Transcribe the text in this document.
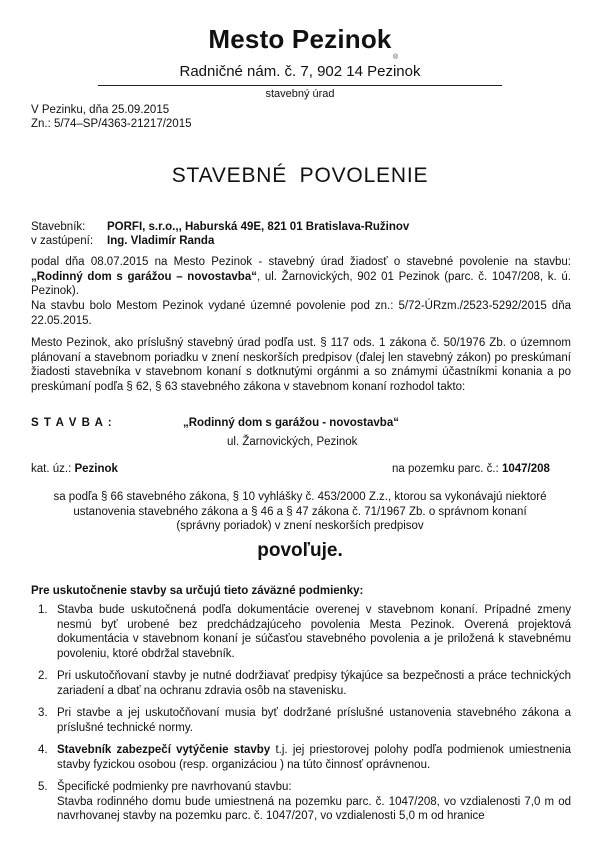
Mesto Pezinok
®
Radničné nám. č. 7, 902 14 Pezinok
stavebný úrad
V Pezinku, dňa 25.09.2015
Zn.: 5/74–SP/4363-21217/2015
STAVEBNÉ POVOLENIE
Stavebník: PORFI, s.r.o.,, Haburská 49E, 821 01 Bratislava-Ružinov
v zastúpení: Ing. Vladimír Randa
podal dňa 08.07.2015 na Mesto Pezinok - stavebný úrad žiadosť o stavebné povolenie na stavbu: „Rodinný dom s garážou – novostavba“, ul. Žarnovických, 902 01 Pezinok (parc. č. 1047/208, k. ú. Pezinok).
Na stavbu bolo Mestom Pezinok vydané územné povolenie pod zn.: 5/72-ÚRzm./2523-5292/2015 dňa 22.05.2015.
Mesto Pezinok, ako príslušný stavebný úrad podľa ust. § 117 ods. 1 zákona č. 50/1976 Zb. o územnom plánovaní a stavebnom poriadku v znení neskorších predpisov (ďalej len stavebný zákon) po preskúmaní žiadosti stavebníka v stavebnom konaní s dotknutými orgánmi a so známymi účastníkmi konania a po preskúmaní podľa § 62, § 63 stavebného zákona v stavebnom konaní rozhodol takto:
S T A V B A :	„Rodinný dom s garážou - novostavba“
ul. Žarnovických, Pezinok
kat. úz.: Pezinok	na pozemku parc. č.: 1047/208
sa podľa § 66 stavebného zákona, § 10 vyhlášky č. 453/2000 Z.z., ktorou sa vykonávajú niektoré
ustanovenia stavebného zákona a § 46 a § 47 zákona č. 71/1967 Zb. o správnom konaní
(správny poriadok) v znení neskorších predpisov
povoľuje.
Pre uskutočnenie stavby sa určujú tieto záväzné podmienky:
1. Stavba bude uskutočnená podľa dokumentácie overenej v stavebnom konaní. Prípadné zmeny nesmú byť urobené bez predchádzajúceho povolenia Mesta Pezinok. Overená projektová dokumentácia v stavebnom konaní je súčasťou stavebného povolenia a je priložená k stavebnému povoleniu, ktoré obdržal stavebník.
2. Pri uskutočňovaní stavby je nutné dodržiavať predpisy týkajúce sa bezpečnosti a práce technických zariadení a dbať na ochranu zdravia osôb na stavenisku.
3. Pri stavbe a jej uskutočňovaní musia byť dodržané príslušné ustanovenia stavebného zákona a príslušné technické normy.
4. Stavebník zabezpečí vytýčenie stavby t.j. jej priestorovej polohy podľa podmienok umiestnenia stavby fyzickou osobou (resp. organizáciou ) na túto činnosť oprávnenou.
5. Špecifické podmienky pre navrhovanú stavbu:
Stavba rodinného domu bude umiestnená na pozemku parc. č. 1047/208, vo vzdialenosti 7,0 m od navrhovanej stavby na pozemku parc. č. 1047/207, vo vzdialenosti 5,0 m od hranice
